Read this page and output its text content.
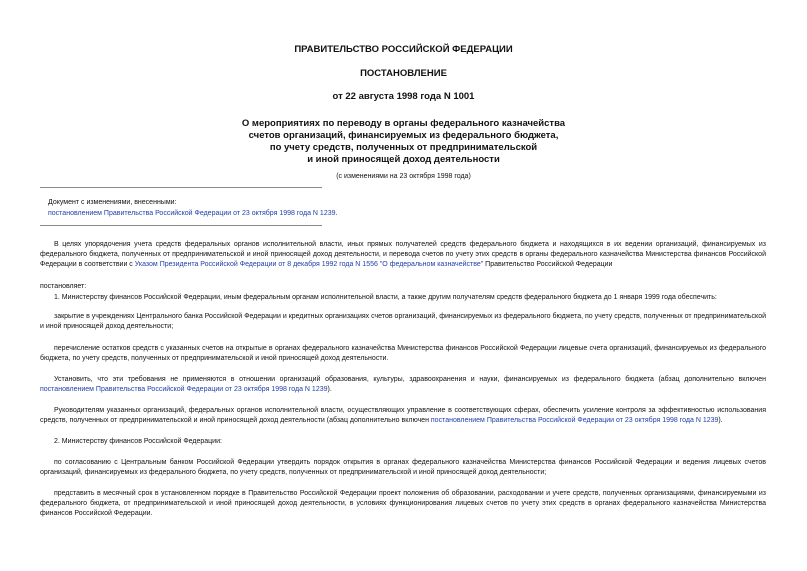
ПРАВИТЕЛЬСТВО РОССИЙСКОЙ ФЕДЕРАЦИИ
ПОСТАНОВЛЕНИЕ
от 22 августа 1998 года N 1001
О мероприятиях по переводу в органы федерального казначейства
счетов организаций, финансируемых из федерального бюджета,
по учету средств, полученных от предпринимательской
и иной приносящей доход деятельности
(с изменениями на 23 октября 1998 года)
Документ с изменениями, внесенными:
постановлением Правительства Российской Федерации от 23 октября 1998 года N 1239.

В целях упорядочения учета средств федеральных органов исполнительной власти, иных прямых получателей средств федерального бюджета и находящихся в их ведении организаций, финансируемых из федерального бюджета, полученных от предпринимательской и иной приносящей доход деятельности, и перевода счетов по учету этих средств в органы федерального казначейства Министерства финансов Российской Федерации в соответствии с Указом Президента Российской Федерации от 8 декабря 1992 года N 1556 "О федеральном казначействе" Правительство Российской Федерации

постановляет:

1. Министерству финансов Российской Федерации, иным федеральным органам исполнительной власти, а также другим получателям средств федерального бюджета до 1 января 1999 года обеспечить:

закрытие в учреждениях Центрального банка Российской Федерации и кредитных организациях счетов организаций, финансируемых из федерального бюджета, по учету средств, полученных от предпринимательской и иной приносящей доход деятельности;

перечисление остатков средств с указанных счетов на открытые в органах федерального казначейства Министерства финансов Российской Федерации лицевые счета организаций, финансируемых из федерального бюджета, по учету средств, полученных от предпринимательской и иной приносящей доход деятельности.

Установить, что эти требования не применяются в отношении организаций образования, культуры, здравоохранения и науки, финансируемых из федерального бюджета (абзац дополнительно включен постановлением Правительства Российской Федерации от 23 октября 1998 года N 1239).

Руководителям указанных организаций, федеральных органов исполнительной власти, осуществляющих управление в соответствующих сферах, обеспечить усиление контроля за эффективностью использования средств, полученных от предпринимательской и иной приносящей доход деятельности (абзац дополнительно включен постановлением Правительства Российской Федерации от 23 октября 1998 года N 1239).

2. Министерству финансов Российской Федерации:

по согласованию с Центральным банком Российской Федерации утвердить порядок открытия в органах федерального казначейства Министерства финансов Российской Федерации и ведения лицевых счетов организаций, финансируемых из федерального бюджета, по учету средств, полученных от предпринимательской и иной приносящей доход деятельности;

представить в месячный срок в установленном порядке в Правительство Российской Федерации проект положения об образовании, расходовании и учете средств, полученных организациями, финансируемыми из федерального бюджета, от предпринимательской и иной приносящей доход деятельности, в условиях функционирования лицевых счетов по учету этих средств в органах федерального казначейства Министерства финансов Российской Федерации.
